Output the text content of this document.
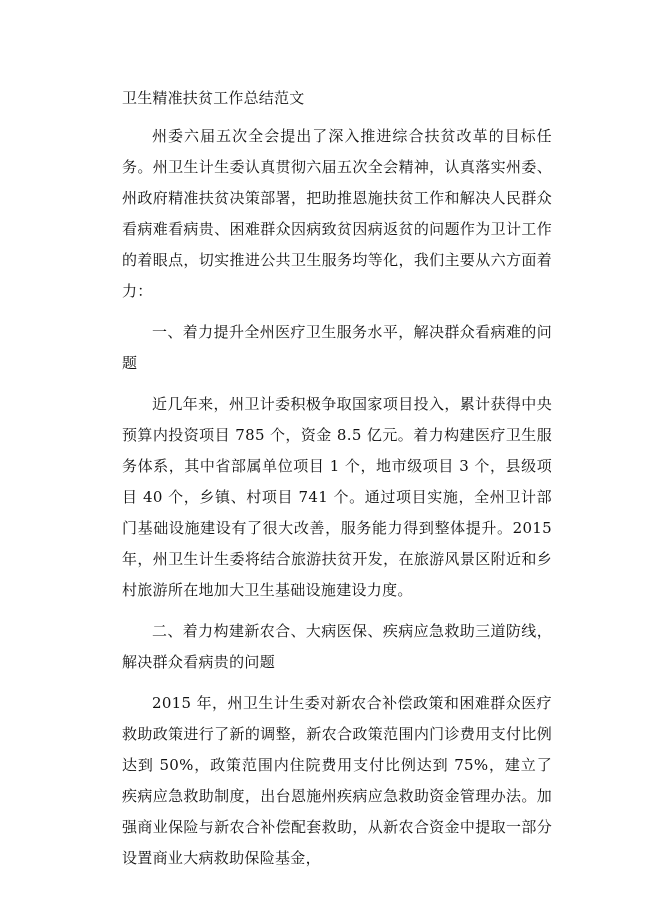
卫生精准扶贫工作总结范文

州委六届五次全会提出了深入推进综合扶贫改革的目标任务。州卫生计生委认真贯彻六届五次全会精神，认真落实州委、州政府精准扶贫决策部署，把助推恩施扶贫工作和解决人民群众看病难看病贵、困难群众因病致贫因病返贫的问题作为卫计工作的着眼点，切实推进公共卫生服务均等化，我们主要从六方面着力：

一、着力提升全州医疗卫生服务水平，解决群众看病难的问题

近几年来，州卫计委积极争取国家项目投入，累计获得中央预算内投资项目 785 个，资金 8.5 亿元。着力构建医疗卫生服务体系，其中省部属单位项目 1 个，地市级项目 3 个，县级项目 40 个，乡镇、村项目 741 个。通过项目实施，全州卫计部门基础设施建设有了很大改善，服务能力得到整体提升。2015 年，州卫生计生委将结合旅游扶贫开发，在旅游风景区附近和乡村旅游所在地加大卫生基础设施建设力度。

二、着力构建新农合、大病医保、疾病应急救助三道防线，解决群众看病贵的问题

2015 年，州卫生计生委对新农合补偿政策和困难群众医疗救助政策进行了新的调整，新农合政策范围内门诊费用支付比例达到 50%，政策范围内住院费用支付比例达到 75%，建立了疾病应急救助制度，出台恩施州疾病应急救助资金管理办法。加强商业保险与新农合补偿配套救助，从新农合资金中提取一部分设置商业大病救助保险基金，
